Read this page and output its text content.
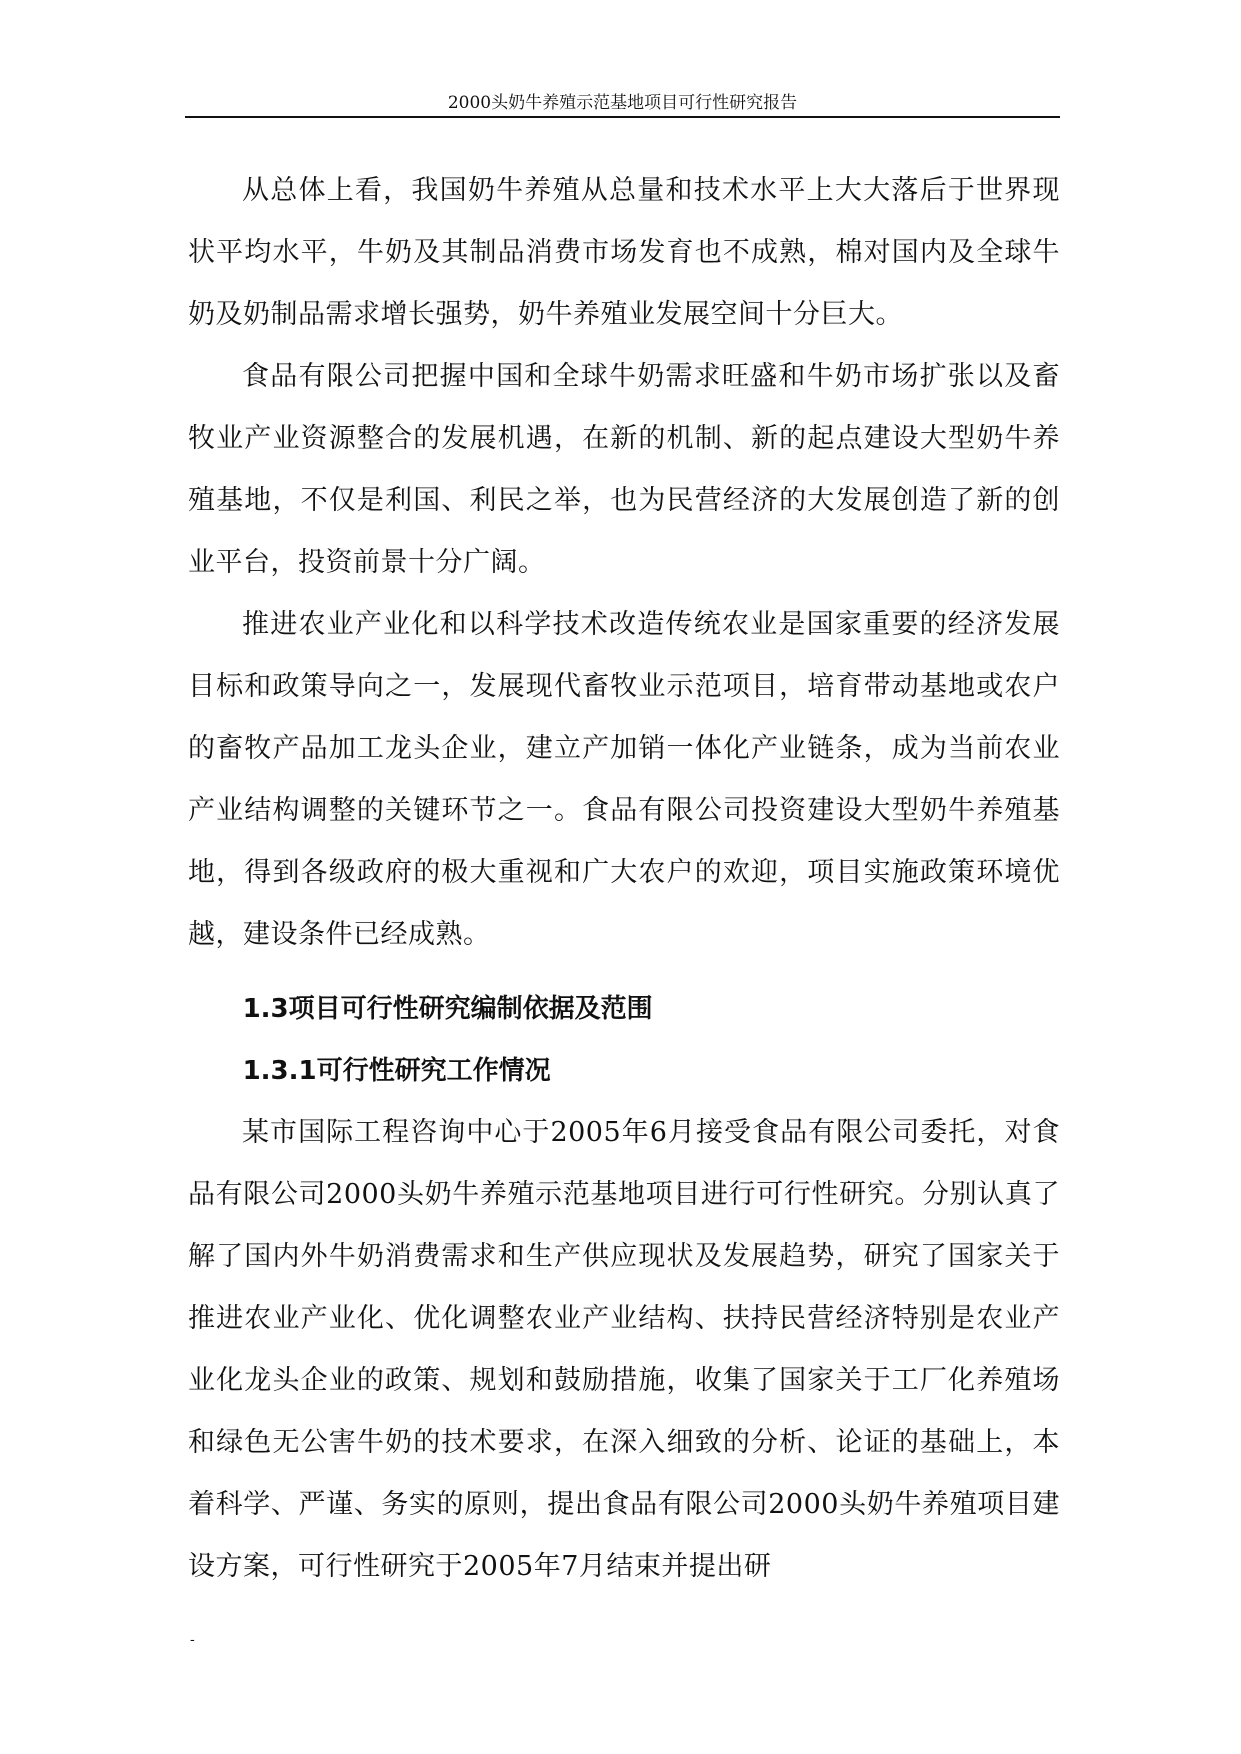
2000头奶牛养殖示范基地项目可行性研究报告

从总体上看，我国奶牛养殖从总量和技术水平上大大落后于世界现状平均水平，牛奶及其制品消费市场发育也不成熟，棉对国内及全球牛奶及奶制品需求增长强势，奶牛养殖业发展空间十分巨大。

食品有限公司把握中国和全球牛奶需求旺盛和牛奶市场扩张以及畜牧业产业资源整合的发展机遇，在新的机制、新的起点建设大型奶牛养殖基地，不仅是利国、利民之举，也为民营经济的大发展创造了新的创业平台，投资前景十分广阔。

推进农业产业化和以科学技术改造传统农业是国家重要的经济发展目标和政策导向之一，发展现代畜牧业示范项目，培育带动基地或农户的畜牧产品加工龙头企业，建立产加销一体化产业链条，成为当前农业产业结构调整的关键环节之一。食品有限公司投资建设大型奶牛养殖基地，得到各级政府的极大重视和广大农户的欢迎，项目实施政策环境优越，建设条件已经成熟。

1.3项目可行性研究编制依据及范围

1.3.1可行性研究工作情况

某市国际工程咨询中心于2005年6月接受食品有限公司委托，对食品有限公司2000头奶牛养殖示范基地项目进行可行性研究。分别认真了解了国内外牛奶消费需求和生产供应现状及发展趋势，研究了国家关于推进农业产业化、优化调整农业产业结构、扶持民营经济特别是农业产业化龙头企业的政策、规划和鼓励措施，收集了国家关于工厂化养殖场和绿色无公害牛奶的技术要求，在深入细致的分析、论证的基础上，本着科学、严谨、务实的原则，提出食品有限公司2000头奶牛养殖项目建设方案，可行性研究于2005年7月结束并提出研

-
